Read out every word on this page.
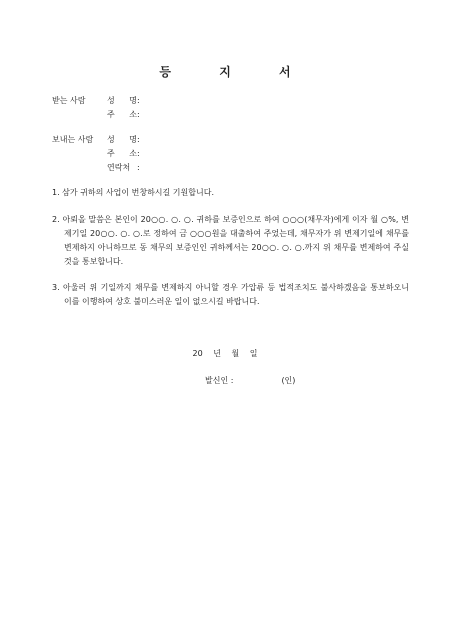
등 지 서
받는 사람	성 명 :
주 소 :
보내는 사람 성 명 :
주 소 :
연락처 :
1. 삼가 귀하의 사업이 번창하시길 기원합니다.
2. 아뢰올 말씀은 본인이 20○○. ○. ○. 귀하를 보증인으로 하여 ○○○(채무자)에게 이자 월 ○%, 변제기일 20○○. ○. ○.로 정하여 금 ○○○원을 대출하여 주었는데, 채무자가 위 변제기일에 채무를 변제하지 아니하므로 동 채무의 보증인인 귀하께서는 20○○. ○. ○.까지 위 채무를 변제하여 주실 것을 통보합니다.
3. 아울러 위 기일까지 채무를 변제하지 아니할 경우 가압류 등 법적조치도 불사하겠음을 통보하오니 이를 이행하여 상호 불미스러운 일이 없으시길 바랍니다.
20 년 월 일
발신인 :	(인)
